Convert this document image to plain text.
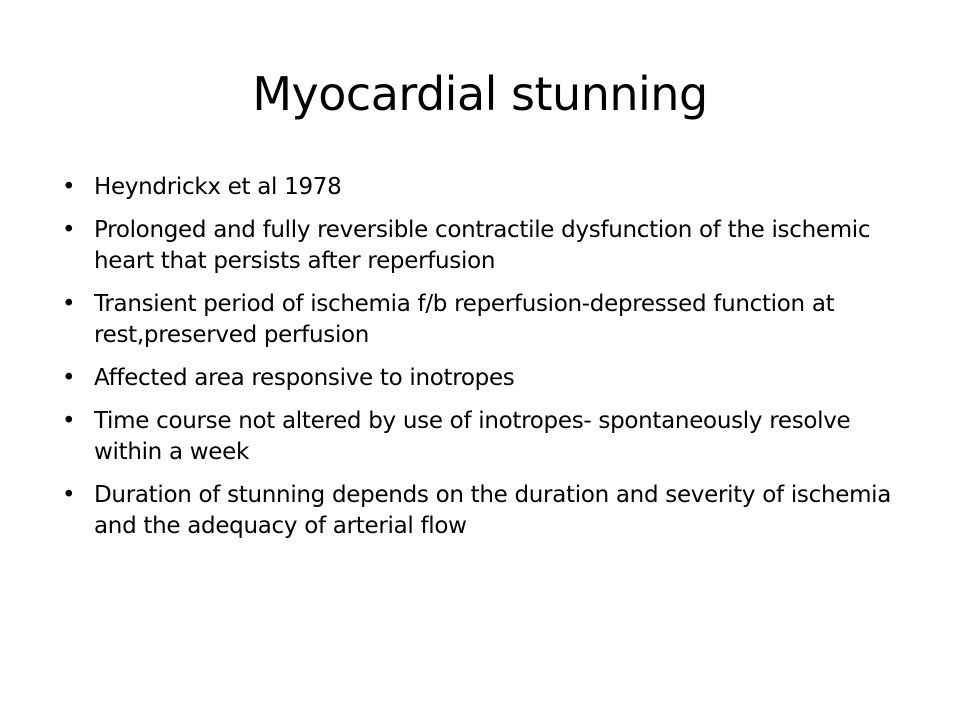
Myocardial stunning
• Heyndrickx et al 1978
• Prolonged and fully reversible contractile dysfunction of the ischemic heart that persists after reperfusion
• Transient period of ischemia f/b reperfusion-depressed function at rest,preserved perfusion
• Affected area responsive to inotropes
• Time course not altered by use of inotropes- spontaneously resolve within a week
• Duration of stunning depends on the duration and severity of ischemia and the adequacy of arterial flow
